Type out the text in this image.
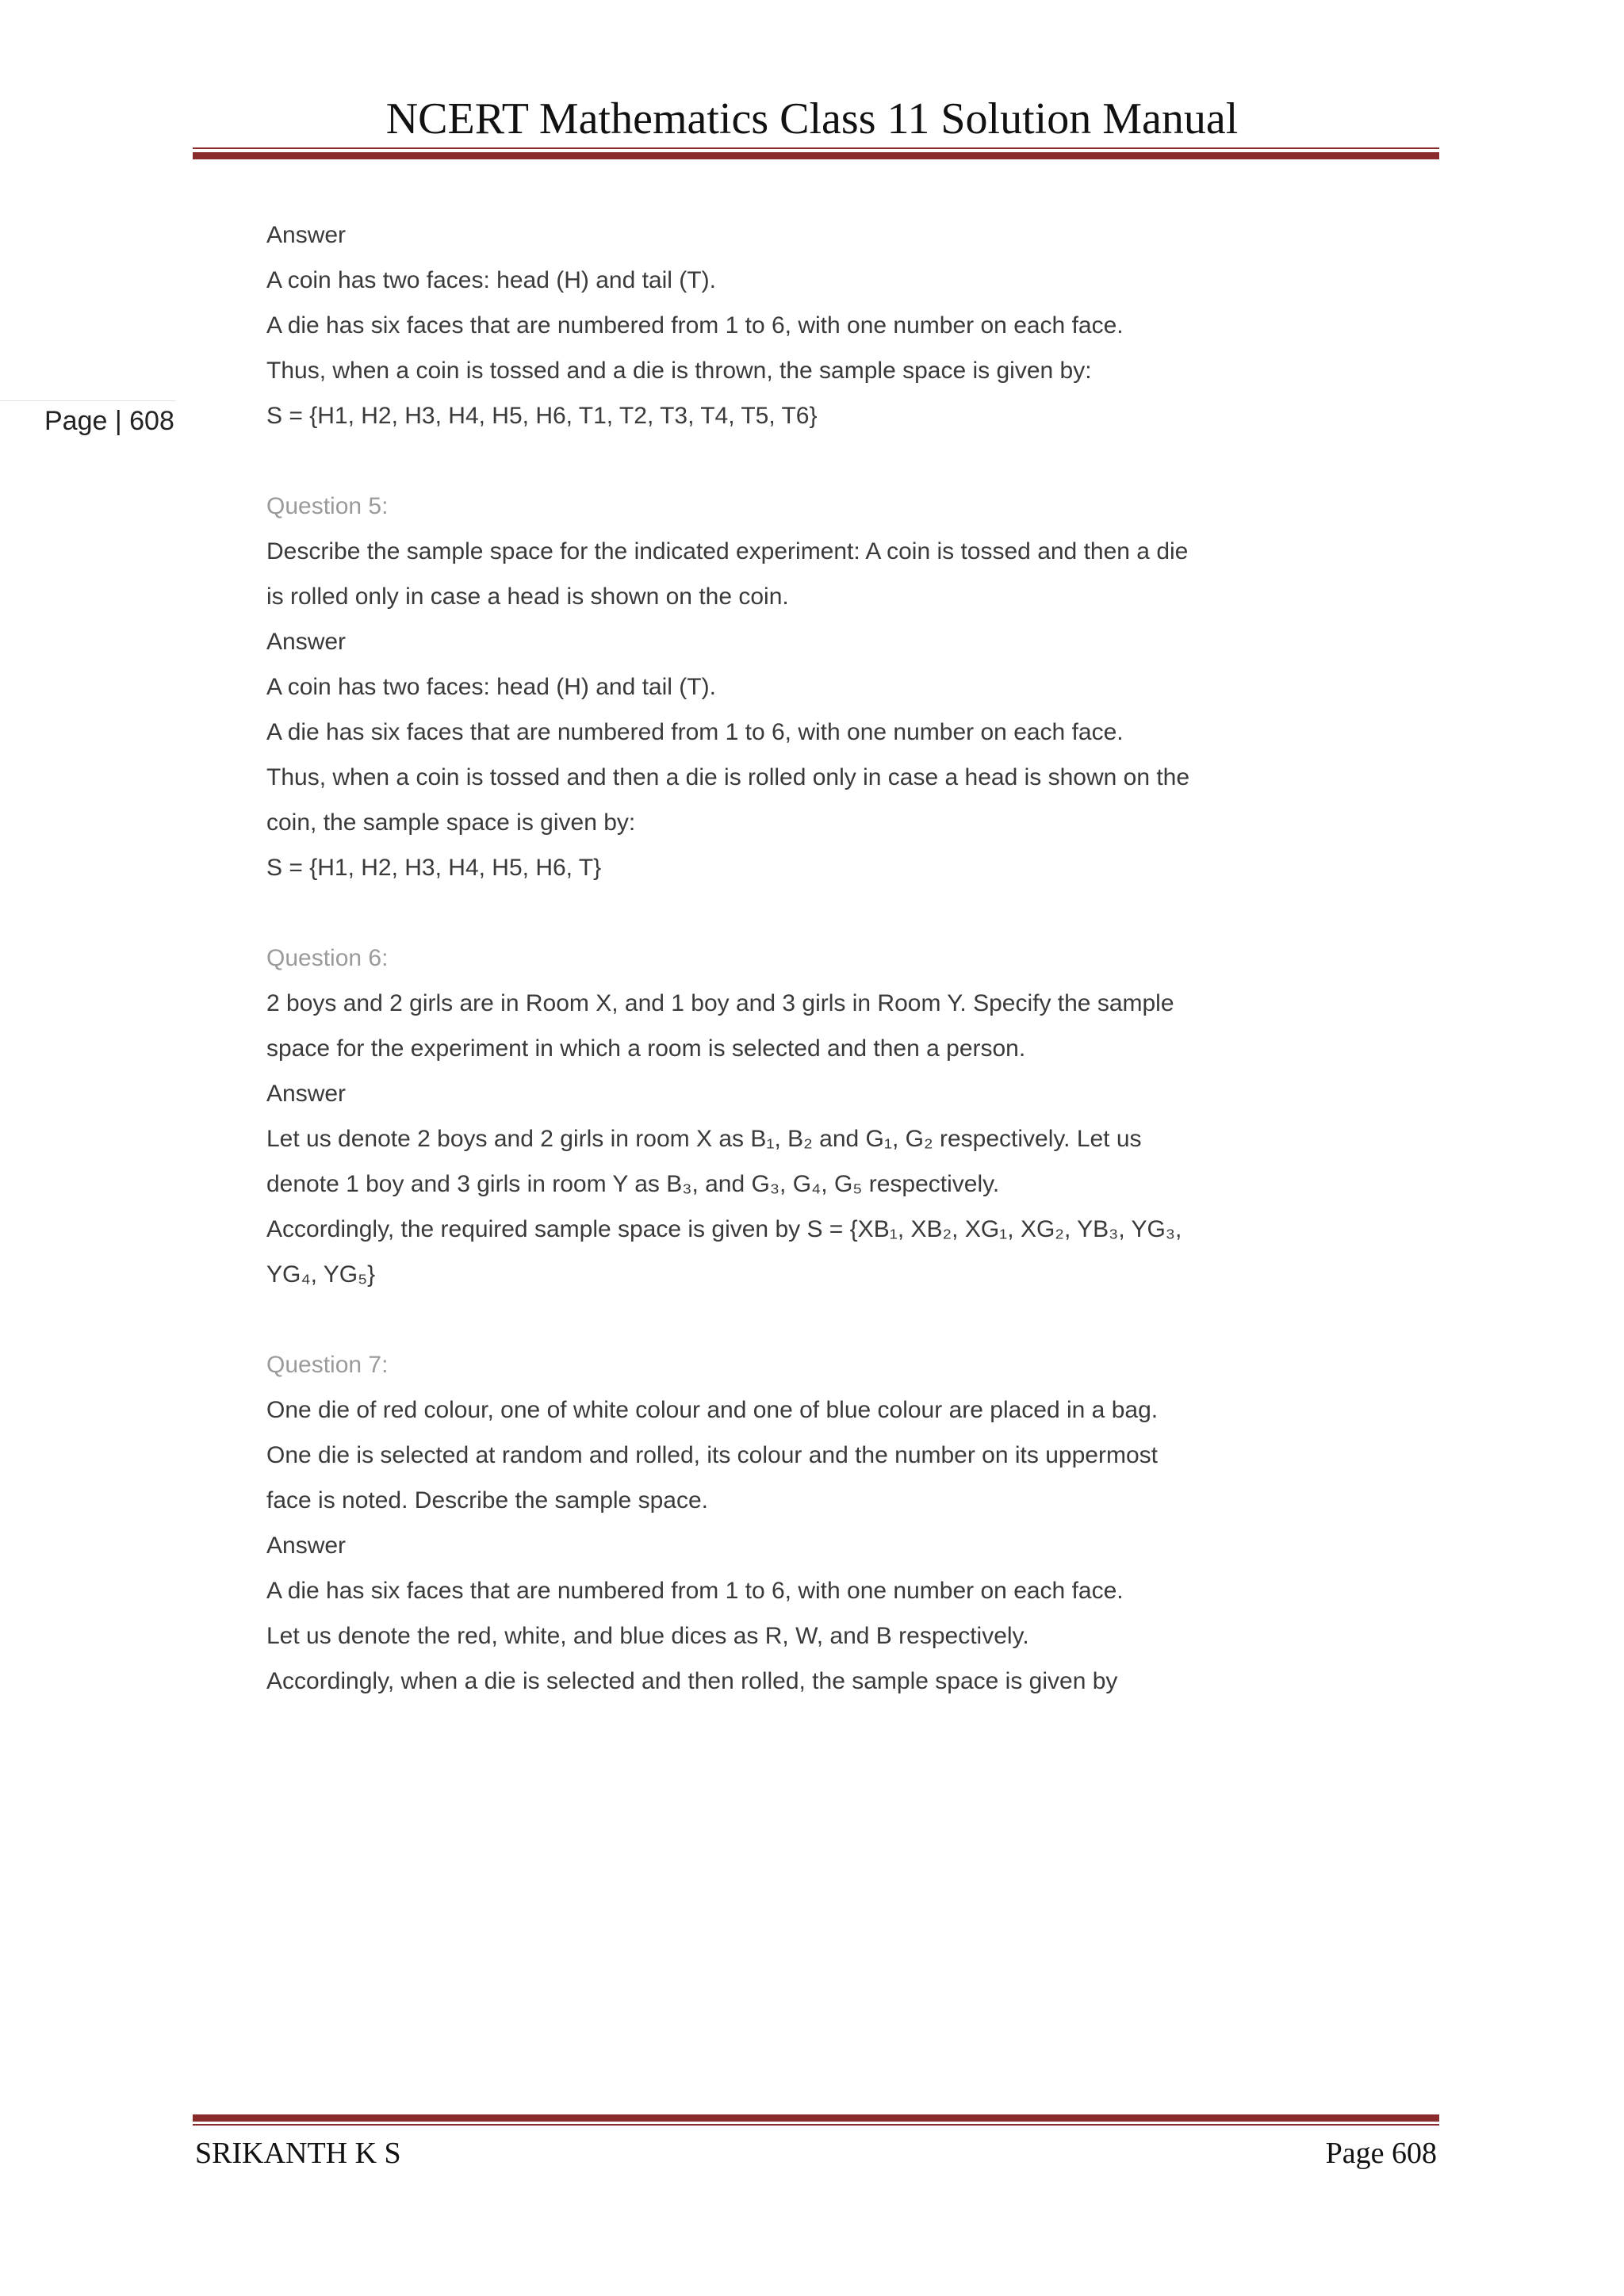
NCERT Mathematics Class 11 Solution Manual
Page | 608
Answer
A coin has two faces: head (H) and tail (T).
A die has six faces that are numbered from 1 to 6, with one number on each face.
Thus, when a coin is tossed and a die is thrown, the sample space is given by:
S = {H1, H2, H3, H4, H5, H6, T1, T2, T3, T4, T5, T6}
Question 5:
Describe the sample space for the indicated experiment: A coin is tossed and then a die
is rolled only in case a head is shown on the coin.
Answer
A coin has two faces: head (H) and tail (T).
A die has six faces that are numbered from 1 to 6, with one number on each face.
Thus, when a coin is tossed and then a die is rolled only in case a head is shown on the
coin, the sample space is given by:
S = {H1, H2, H3, H4, H5, H6, T}
Question 6:
2 boys and 2 girls are in Room X, and 1 boy and 3 girls in Room Y. Specify the sample
space for the experiment in which a room is selected and then a person.
Answer
Let us denote 2 boys and 2 girls in room X as B₁, B₂ and G₁, G₂ respectively. Let us
denote 1 boy and 3 girls in room Y as B₃, and G₃, G₄, G₅ respectively.
Accordingly, the required sample space is given by S = {XB₁, XB₂, XG₁, XG₂, YB₃, YG₃,
YG₄, YG₅}
Question 7:
One die of red colour, one of white colour and one of blue colour are placed in a bag.
One die is selected at random and rolled, its colour and the number on its uppermost
face is noted. Describe the sample space.
Answer
A die has six faces that are numbered from 1 to 6, with one number on each face.
Let us denote the red, white, and blue dices as R, W, and B respectively.
Accordingly, when a die is selected and then rolled, the sample space is given by
SRIKANTH K S	Page 608
